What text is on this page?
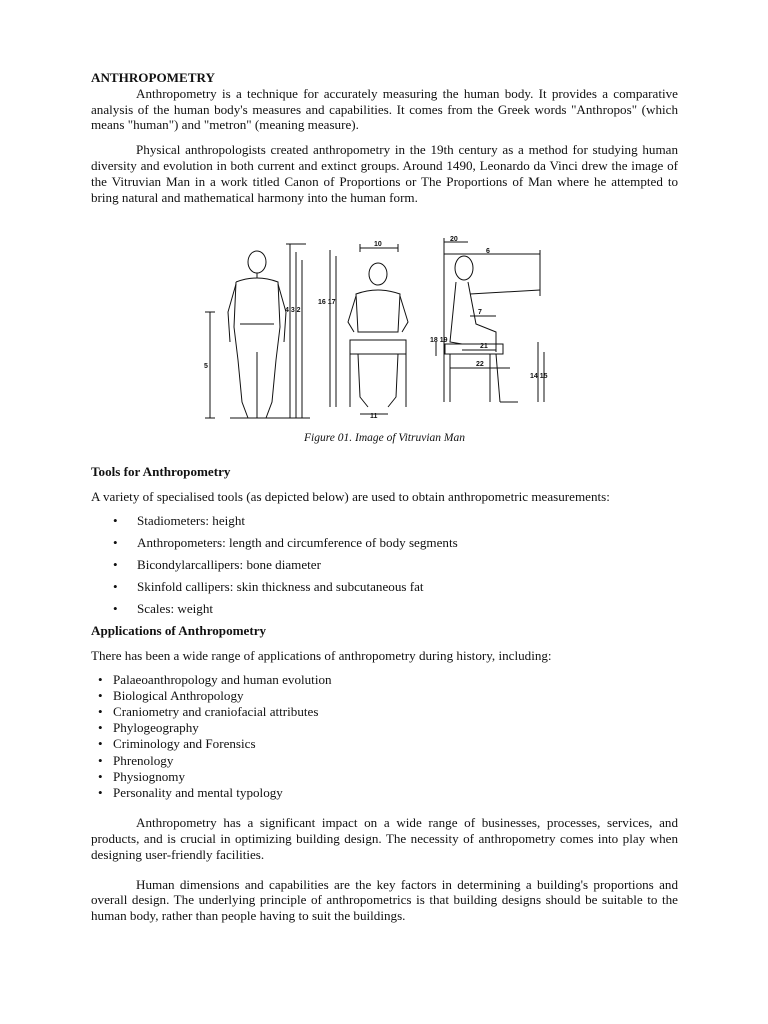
ANTHROPOMETRY

Anthropometry is a technique for accurately measuring the human body. It provides a comparative analysis of the human body's measures and capabilities. It comes from the Greek words "Anthropos" (which means "human") and "metron" (meaning measure).

Physical anthropologists created anthropometry in the 19th century as a method for studying human diversity and evolution in both current and extinct groups. Around 1490, Leonardo da Vinci drew the image of the Vitruvian Man in a work titled Canon of Proportions or The Proportions of Man where he attempted to bring natural and mathematical harmony into the human form.

5
4 3 2
10
16 17
11
20
6
7
18 19
21
22
14 15
Figure 01. Image of Vitruvian Man
Tools for Anthropometry

A variety of specialised tools (as depicted below) are used to obtain anthropometric measurements:

• Stadiometers: height
• Anthropometers: length and circumference of body segments
• Bicondylarcallipers: bone diameter
• Skinfold callipers: skin thickness and subcutaneous fat
• Scales: weight
Applications of Anthropometry

There has been a wide range of applications of anthropometry during history, including:

• Palaeoanthropology and human evolution
• Biological Anthropology
• Craniometry and craniofacial attributes
• Phylogeography
• Criminology and Forensics
• Phrenology
• Physiognomy
• Personality and mental typology

Anthropometry has a significant impact on a wide range of businesses, processes, services, and products, and is crucial in optimizing building design. The necessity of anthropometry comes into play when designing user-friendly facilities.

Human dimensions and capabilities are the key factors in determining a building's proportions and overall design. The underlying principle of anthropometrics is that building designs should be suitable to the human body, rather than people having to suit the buildings.
